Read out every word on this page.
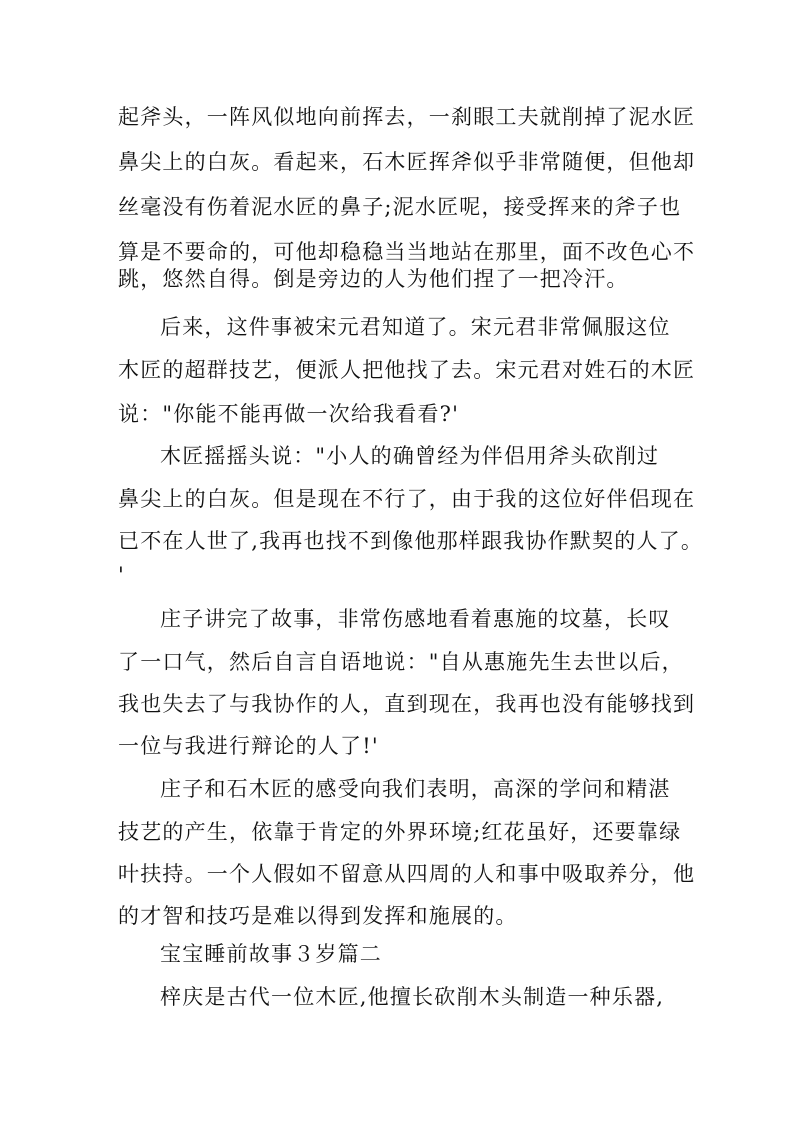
起斧头，一阵风似地向前挥去，一刹眼工夫就削掉了泥水匠
鼻尖上的白灰。看起来，石木匠挥斧似乎非常随便，但他却
丝毫没有伤着泥水匠的鼻子;泥水匠呢，接受挥来的斧子也
算是不要命的，可他却稳稳当当地站在那里，面不改色心不
跳，悠然自得。倒是旁边的人为他们捏了一把冷汗。
后来，这件事被宋元君知道了。宋元君非常佩服这位
木匠的超群技艺，便派人把他找了去。宋元君对姓石的木匠
说："你能不能再做一次给我看看?'
木匠摇摇头说："小人的确曾经为伴侣用斧头砍削过
鼻尖上的白灰。但是现在不行了，由于我的这位好伴侣现在
已不在人世了,我再也找不到像他那样跟我协作默契的人了。
'
庄子讲完了故事，非常伤感地看着惠施的坟墓，长叹
了一口气，然后自言自语地说："自从惠施先生去世以后，
我也失去了与我协作的人，直到现在，我再也没有能够找到
一位与我进行辩论的人了!'
庄子和石木匠的感受向我们表明，高深的学问和精湛
技艺的产生，依靠于肯定的外界环境;红花虽好，还要靠绿
叶扶持。一个人假如不留意从四周的人和事中吸取养分，他
的才智和技巧是难以得到发挥和施展的。
宝宝睡前故事３岁篇二
梓庆是古代一位木匠,他擅长砍削木头制造一种乐器,
